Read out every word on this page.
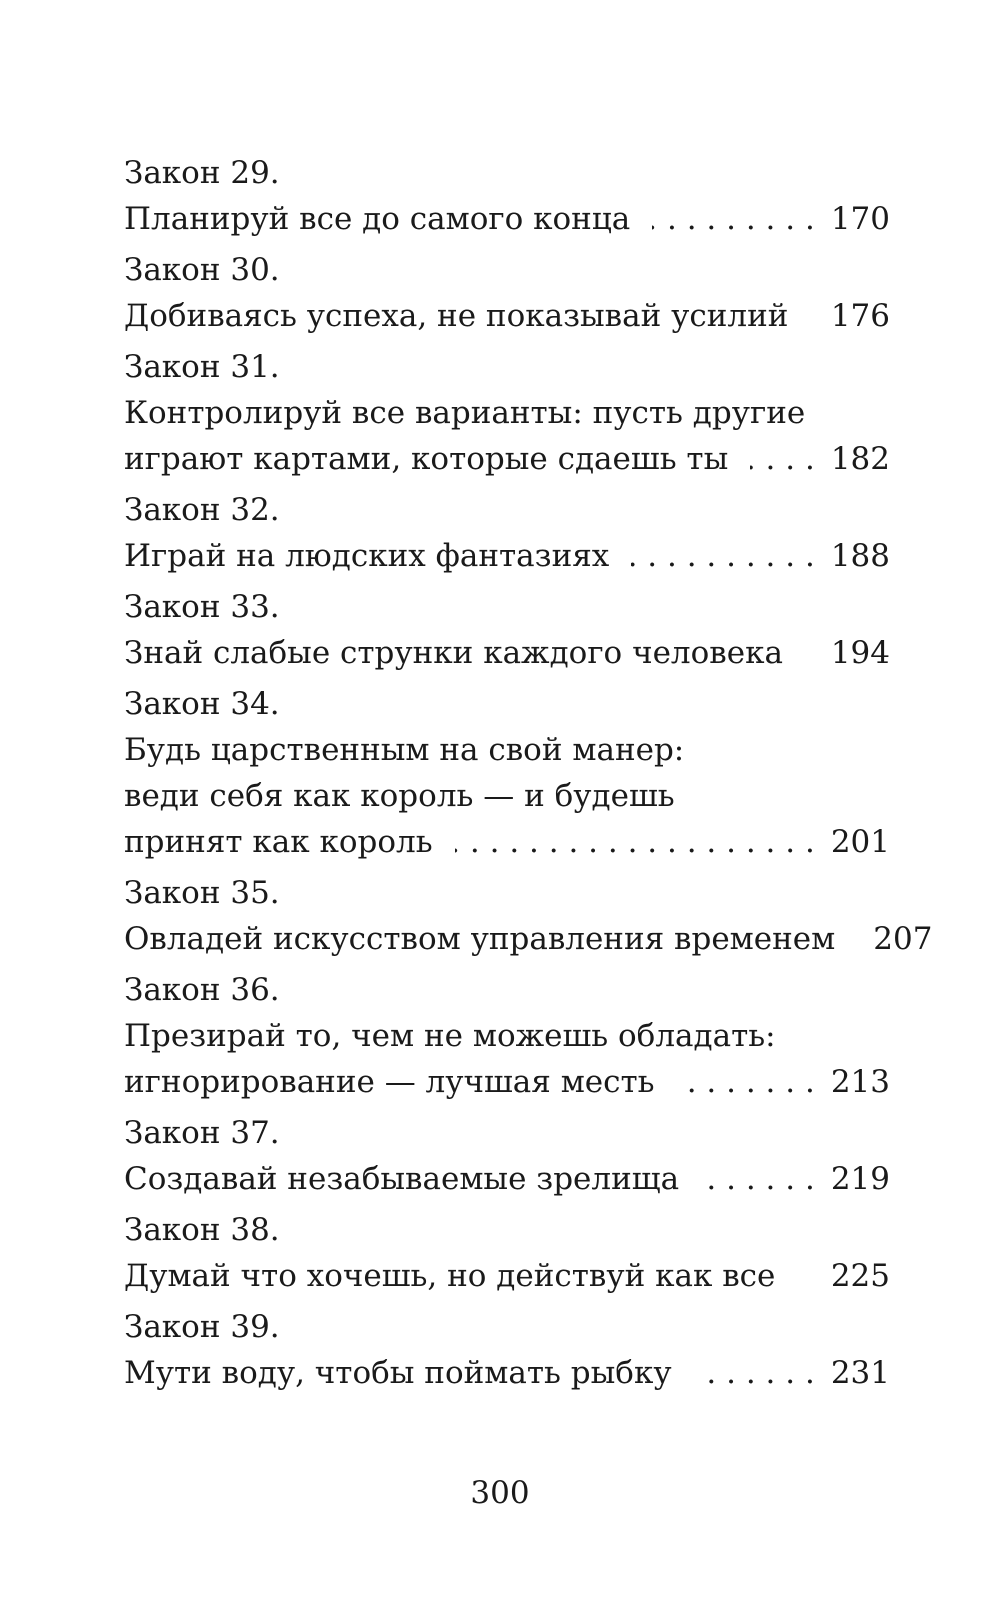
Закон 29.
Планируй все до самого конца . . .	170
Закон 30.
Добиваясь успеха, не показывай усилий 176
Закон 31.
Контролируй все варианты: пусть другие
играют картами, которые сдаешь ты . . .	182
Закон 32.
Играй на людских фантазиях . . .	188
Закон 33.
Знай слабые струнки каждого человека 194
Закон 34.
Будь царственным на свой манер:
веди себя как король — и будешь
принят как король . . .	201
Закон 35.
Овладей искусством управления временем 207
Закон 36.
Презирай то, чем не можешь обладать:
игнорирование — лучшая месть . . .	213
Закон 37.
Создавай незабываемые зрелища . . .	219
Закон 38.
Думай что хочешь, но действуй как все 225
Закон 39.
Мути воду, чтобы поймать рыбку . . .	231
300
